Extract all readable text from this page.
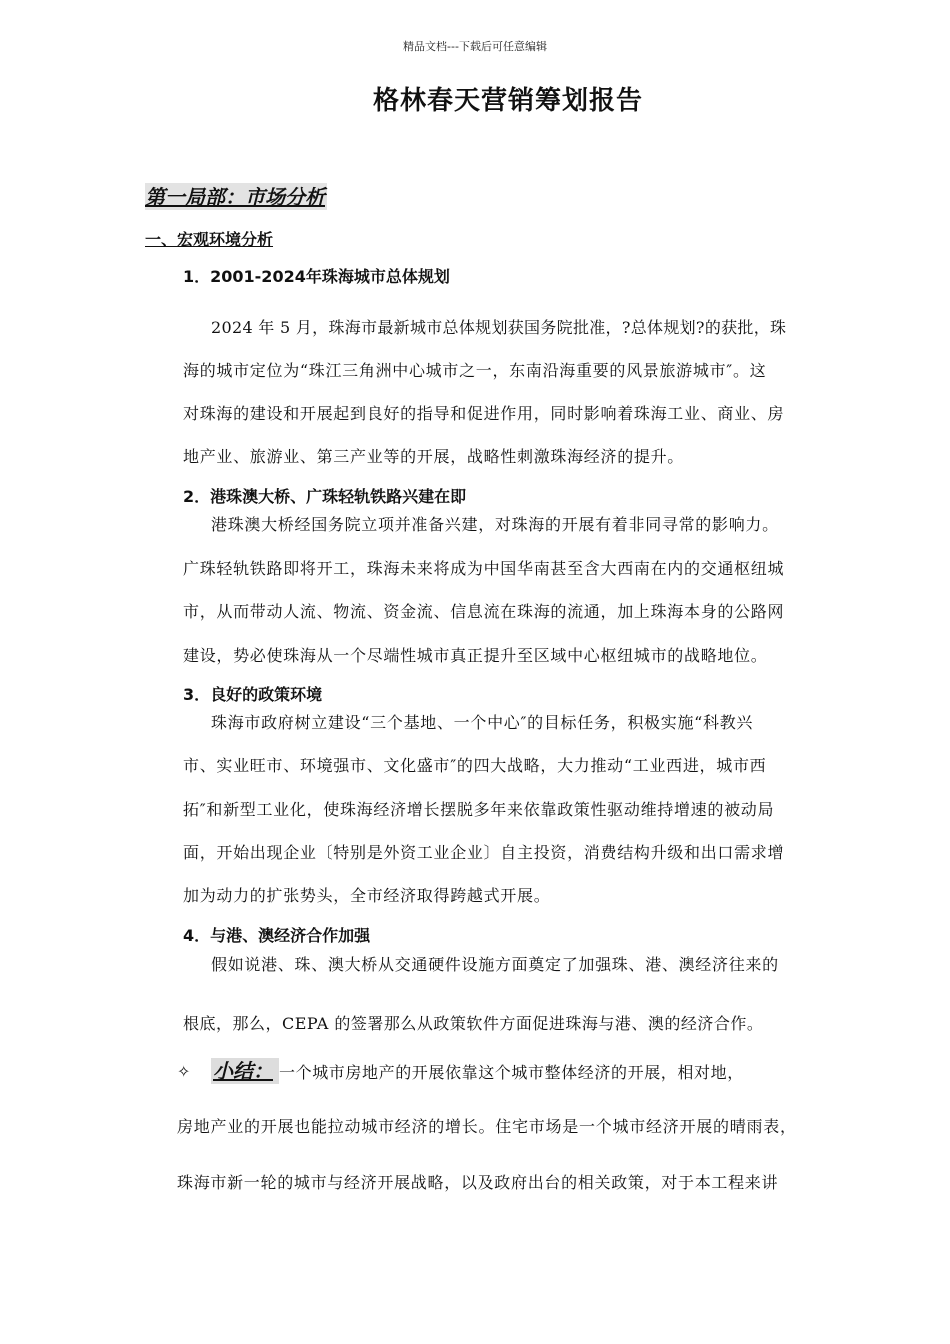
精品文档---下载后可任意编辑
格林春天营销筹划报告
第一局部：市场分析
一、宏观环境分析
1．2001-2024年珠海城市总体规划
2024 年 5 月，珠海市最新城市总体规划获国务院批准，?总体规划?的获批，珠
海的城市定位为“珠江三角洲中心城市之一，东南沿海重要的风景旅游城市″。这
对珠海的建设和开展起到良好的指导和促进作用，同时影响着珠海工业、商业、房
地产业、旅游业、第三产业等的开展，战略性刺激珠海经济的提升。
2．港珠澳大桥、广珠轻轨铁路兴建在即
港珠澳大桥经国务院立项并准备兴建，对珠海的开展有着非同寻常的影响力。
广珠轻轨铁路即将开工，珠海未来将成为中国华南甚至含大西南在内的交通枢纽城
市，从而带动人流、物流、资金流、信息流在珠海的流通，加上珠海本身的公路网
建设，势必使珠海从一个尽端性城市真正提升至区域中心枢纽城市的战略地位。
3．良好的政策环境
珠海市政府树立建设“三个基地、一个中心″的目标任务，积极实施“科教兴
市、实业旺市、环境强市、文化盛市″的四大战略，大力推动“工业西进，城市西
拓″和新型工业化，使珠海经济增长摆脱多年来依靠政策性驱动维持增速的被动局
面，开始出现企业〔特别是外资工业企业〕自主投资，消费结构升级和出口需求增
加为动力的扩张势头，全市经济取得跨越式开展。
4．与港、澳经济合作加强
假如说港、珠、澳大桥从交通硬件设施方面奠定了加强珠、港、澳经济往来的
根底，那么，CEPA 的签署那么从政策软件方面促进珠海与港、澳的经济合作。
✧ 小结： 一个城市房地产的开展依靠这个城市整体经济的开展，相对地，
房地产业的开展也能拉动城市经济的增长。住宅市场是一个城市经济开展的晴雨表，
珠海市新一轮的城市与经济开展战略，以及政府出台的相关政策，对于本工程来讲
